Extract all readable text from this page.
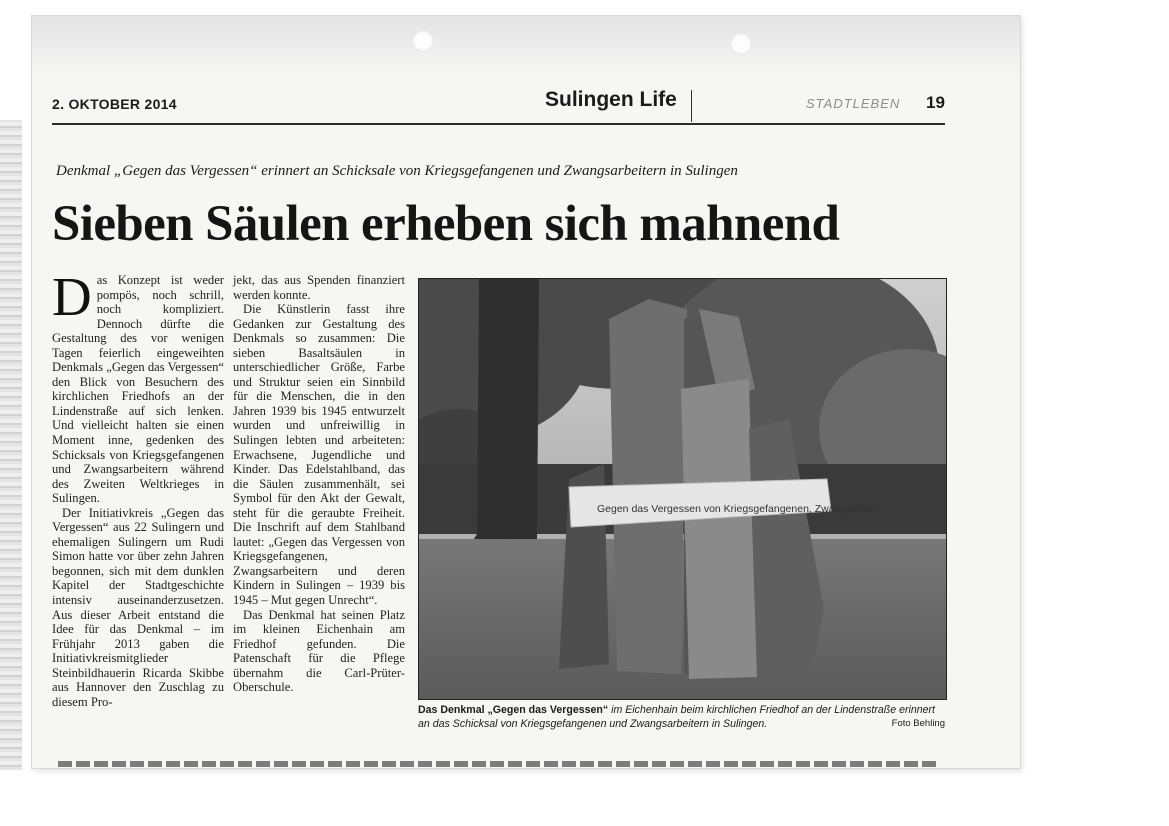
2. OKTOBER 2014	Sulingen Life	STADTLEBEN 19
Denkmal „Gegen das Vergessen“ erinnert an Schicksale von Kriegsgefangenen und Zwangsarbeitern in Sulingen
Sieben Säulen erheben sich mahnend

Das Konzept ist weder pompös, noch schrill, noch kompliziert. Dennoch dürfte die Gestaltung des vor wenigen Tagen feierlich eingeweihten Denkmals „Gegen das Vergessen“ den Blick von Besuchern des kirchlichen Friedhofs an der Lindenstraße auf sich lenken. Und vielleicht halten sie einen Moment inne, gedenken des Schicksals von Kriegsgefangenen und Zwangsarbeitern während des Zweiten Weltkrieges in Sulingen.

Der Initiativkreis „Gegen das Vergessen“ aus 22 Sulingern und ehemaligen Sulingern um Rudi Simon hatte vor über zehn Jahren begonnen, sich mit dem dunklen Kapitel der Stadtgeschichte intensiv auseinanderzusetzen. Aus dieser Arbeit entstand die Idee für das Denkmal – im Frühjahr 2013 gaben die Initiativkreismitglieder Steinbildhauerin Ricarda Skibbe aus Hannover den Zuschlag zu diesem Pro-

jekt, das aus Spenden finanziert werden konnte.

Die Künstlerin fasst ihre Gedanken zur Gestaltung des Denkmals so zusammen: Die sieben Basaltsäulen in unterschiedlicher Größe, Farbe und Struktur seien ein Sinnbild für die Menschen, die in den Jahren 1939 bis 1945 entwurzelt wurden und unfreiwillig in Sulingen lebten und arbeiteten: Erwachsene, Jugendliche und Kinder. Das Edelstahlband, das die Säulen zusammenhält, sei Symbol für den Akt der Gewalt, steht für die geraubte Freiheit. Die Inschrift auf dem Stahlband lautet: „Gegen das Vergessen von Kriegsgefangenen, Zwangsarbeitern und deren Kindern in Sulingen – 1939 bis 1945 – Mut gegen Unrecht“.

Das Denkmal hat seinen Platz im kleinen Eichenhain am Friedhof gefunden. Die Patenschaft für die Pflege übernahm die Carl-Prüter-Oberschule.

Gegen das Vergessen von Kriegsgefangenen, Zwangsarbei
Das Denkmal „Gegen das Vergessen“ im Eichenhain beim kirchlichen Friedhof an der Lindenstraße erinnert an das Schicksal von Kriegsgefangenen und Zwangsarbeitern in Sulingen.	Foto Behling
